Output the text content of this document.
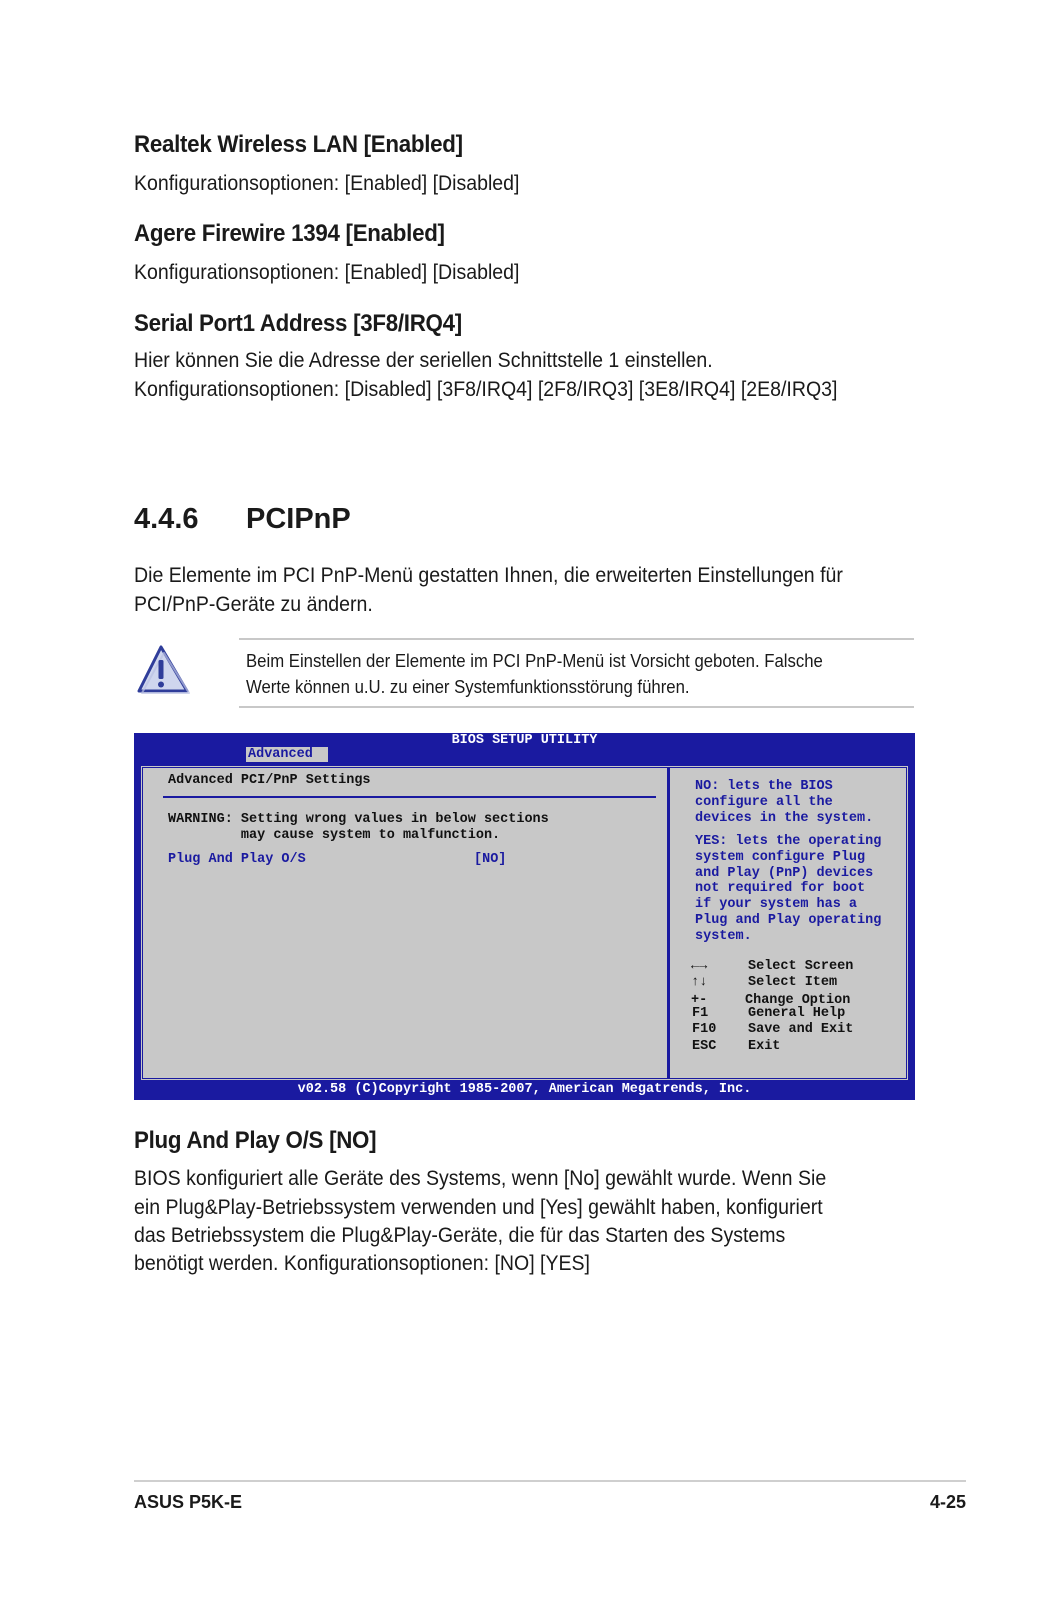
Realtek Wireless LAN [Enabled]
Konfigurationsoptionen: [Enabled] [Disabled]
Agere Firewire 1394 [Enabled]
Konfigurationsoptionen: [Enabled] [Disabled]
Serial Port1 Address [3F8/IRQ4]
Hier können Sie die Adresse der seriellen Schnittstelle 1 einstellen.
Konfigurationsoptionen: [Disabled] [3F8/IRQ4] [2F8/IRQ3] [3E8/IRQ4] [2E8/IRQ3]
4.4.6 PCIPnP
Die Elemente im PCI PnP-Menü gestatten Ihnen, die erweiterten Einstellungen für
PCI/PnP-Geräte zu ändern.
Beim Einstellen der Elemente im PCI PnP-Menü ist Vorsicht geboten. Falsche
Werte können u.U. zu einer Systemfunktionsstörung führen.
BIOS SETUP UTILITY
Advanced
Advanced PCI/PnP Settings
WARNING: Setting wrong values in below sections
may cause system to malfunction.
Plug And Play O/S	[NO]
NO: lets the BIOS
configure all the
devices in the system.
YES: lets the operating
system configure Plug
and Play (PnP) devices
not required for boot
if your system has a
Plug and Play operating
system.
←→	Select Screen
↑↓	Select Item
+-	Change Option
F1	General Help
F10 Save and Exit
ESC Exit
v02.58 (C)Copyright 1985-2007, American Megatrends, Inc.
Plug And Play O/S [NO]
BIOS konfiguriert alle Geräte des Systems, wenn [No] gewählt wurde. Wenn Sie
ein Plug&Play-Betriebssystem verwenden und [Yes] gewählt haben, konfiguriert
das Betriebssystem die Plug&Play-Geräte, die für das Starten des Systems
benötigt werden. Konfigurationsoptionen: [NO] [YES]
ASUS P5K-E	4-25
